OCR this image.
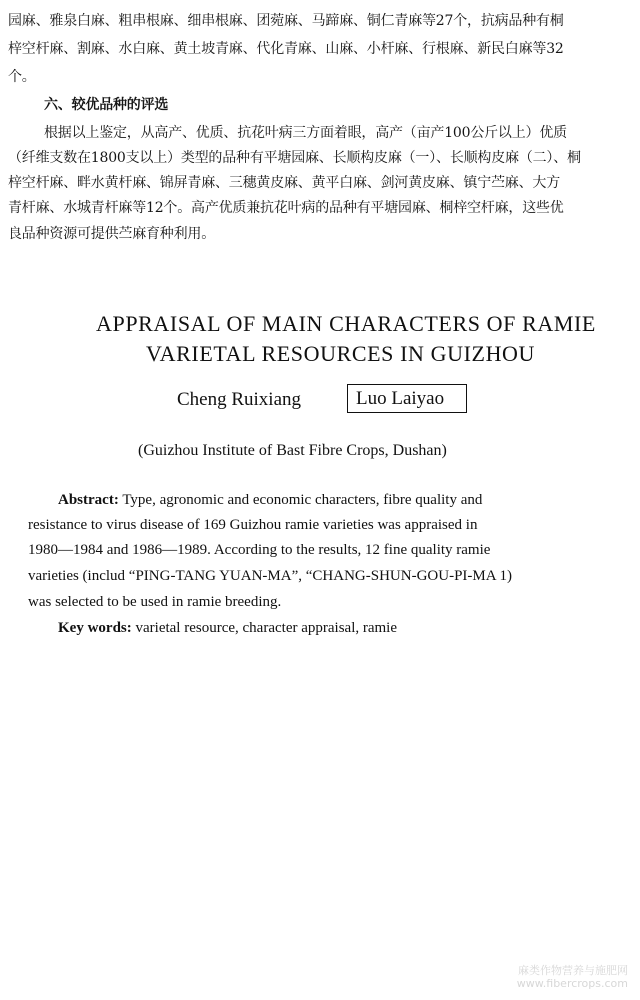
园麻、雅泉白麻、粗串根麻、细串根麻、团菀麻、马蹄麻、铜仁青麻等27个，抗病品种有桐
梓空杆麻、割麻、水白麻、黄土坡青麻、代化青麻、山麻、小杆麻、行根麻、新民白麻等32
个。
六、较优品种的评选
根据以上鉴定，从高产、优质、抗花叶病三方面着眼，高产（亩产100公斤以上）优质
（纤维支数在1800支以上）类型的品种有平塘园麻、长顺构皮麻（一）、长顺构皮麻（二）、桐
梓空杆麻、畔水黄杆麻、锦屏青麻、三穗黄皮麻、黄平白麻、剑河黄皮麻、镇宁苎麻、大方
青杆麻、水城青杆麻等12个。高产优质兼抗花叶病的品种有平塘园麻、桐梓空杆麻，这些优
良品种资源可提供苎麻育种利用。
APPRAISAL OF MAIN CHARACTERS OF RAMIE
VARIETAL RESOURCES IN GUIZHOU
Cheng Ruixiang	Luo Laiyao
(Guizhou Institute of Bast Fibre Crops, Dushan)
Abstract: Type, agronomic and economic characters, fibre quality and
resistance to virus disease of 169 Guizhou ramie varieties was appraised in
1980—1984 and 1986—1989. According to the results, 12 fine quality ramie
varieties (includ “PING-TANG YUAN-MA”, “CHANG-SHUN-GOU-PI-MA 1)
was selected to be used in ramie breeding.
Key words: varietal resource, character appraisal, ramie
麻类作物营养与施肥网
www.fibercrops.com
